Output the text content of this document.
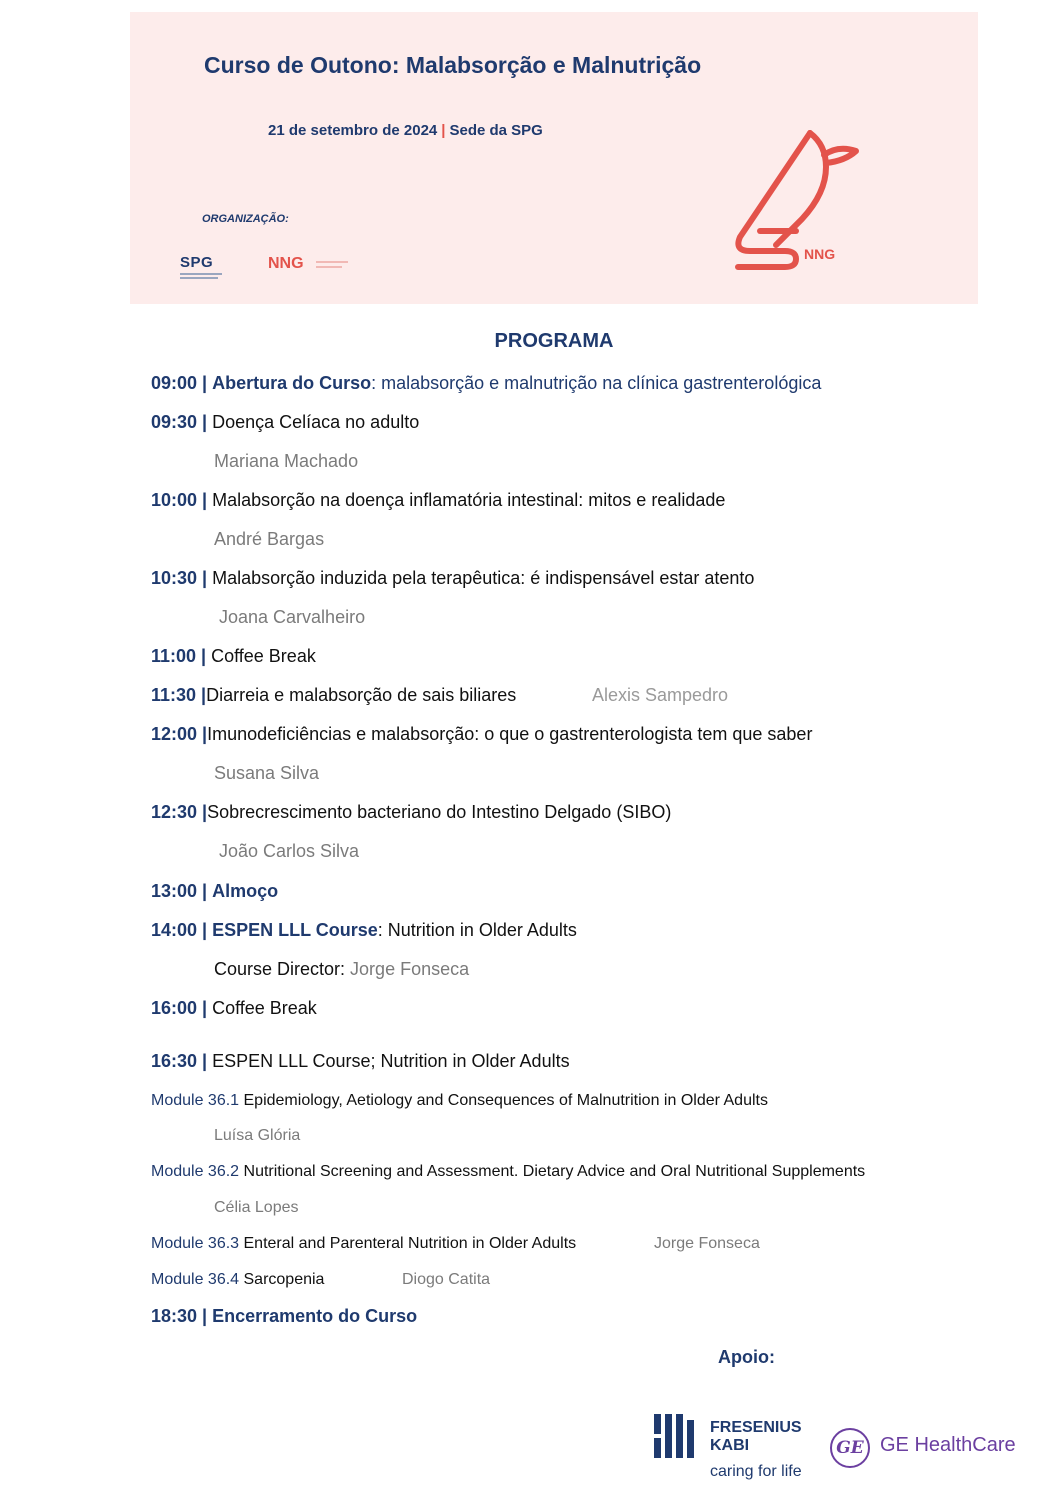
Curso de Outono: Malabsorção e Malnutrição
21 de setembro de 2024 | Sede da SPG
ORGANIZAÇÃO:
SPG	NNG
NNG
PROGRAMA
09:00 | Abertura do Curso: malabsorção e malnutrição na clínica gastrenterológica
09:30 | Doença Celíaca no adulto
Mariana Machado
10:00 | Malabsorção na doença inflamatória intestinal: mitos e realidade
André Bargas
10:30 | Malabsorção induzida pela terapêutica: é indispensável estar atento
Joana Carvalheiro
11:00 | Coffee Break
11:30 |Diarreia e malabsorção de sais biliares	Alexis Sampedro
12:00 |Imunodeficiências e malabsorção: o que o gastrenterologista tem que saber
Susana Silva
12:30 |Sobrecrescimento bacteriano do Intestino Delgado (SIBO)
João Carlos Silva
13:00 | Almoço
14:00 | ESPEN LLL Course: Nutrition in Older Adults
Course Director: Jorge Fonseca
16:00 | Coffee Break
16:30 | ESPEN LLL Course; Nutrition in Older Adults
Module 36.1 Epidemiology, Aetiology and Consequences of Malnutrition in Older Adults
Luísa Glória
Module 36.2 Nutritional Screening and Assessment. Dietary Advice and Oral Nutritional Supplements
Célia Lopes
Module 36.3 Enteral and Parenteral Nutrition in Older Adults	Jorge Fonseca
Module 36.4 Sarcopenia	Diogo Catita
18:30 | Encerramento do Curso
Apoio:
FRESENIUS
KABI
caring for life
GE GE HealthCare
